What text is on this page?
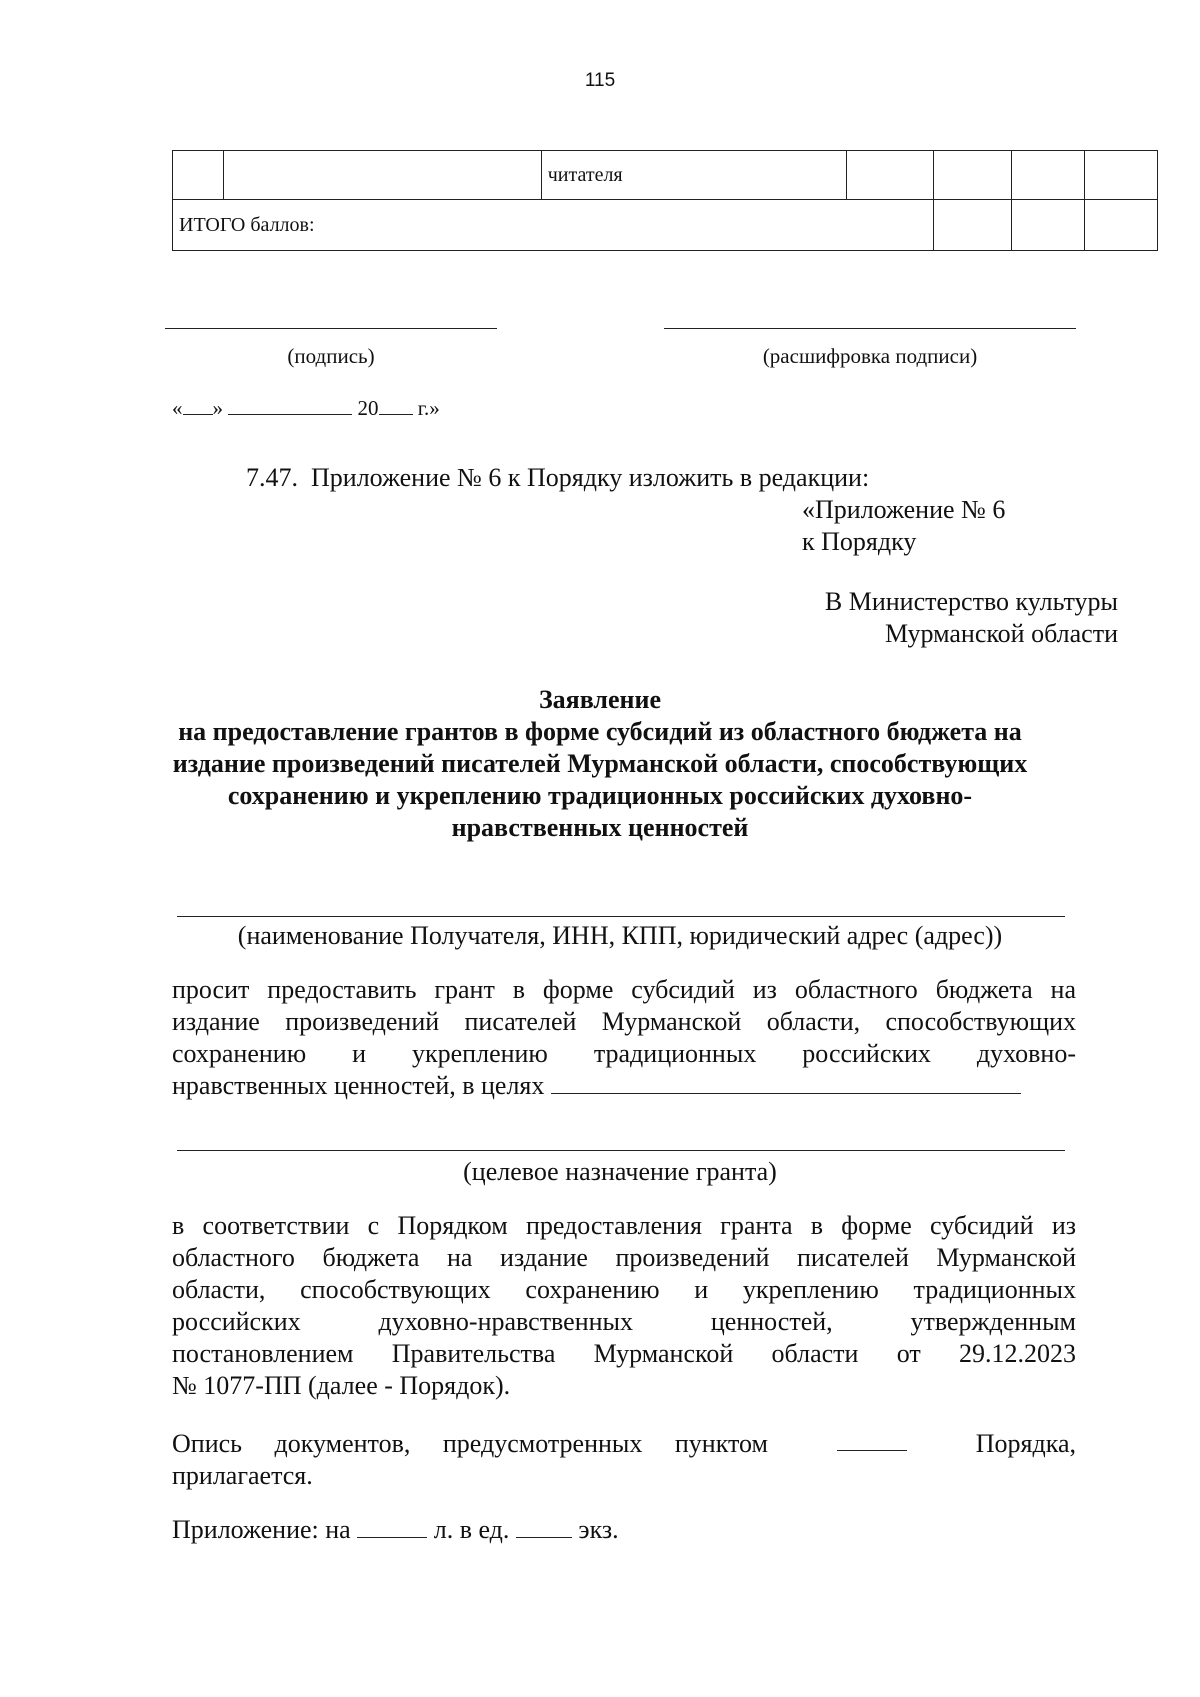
115
		читателя				
ИТОГО баллов:						
(подпись)	(расшифровка подписи)
« »	20 г.»
7.47.  Приложение № 6 к Порядку изложить в редакции:
«Приложение № 6
к Порядку
В Министерство культуры
Мурманской области
Заявление
на предоставление грантов в форме субсидий из областного бюджета на
издание произведений писателей Мурманской области, способствующих
сохранению и укреплению традиционных российских духовно-
нравственных ценностей
(наименование Получателя, ИНН, КПП, юридический адрес (адрес))
просит предоставить грант в форме субсидий из областного бюджета на
издание произведений писателей Мурманской области, способствующих
сохранению и укреплению традиционных российских духовно-
нравственных ценностей, в целях
(целевое назначение гранта)
в соответствии с Порядком предоставления гранта в форме субсидий из
областного бюджета на издание произведений писателей Мурманской
области, способствующих сохранению и укреплению традиционных
российских духовно-нравственных ценностей, утвержденным
постановлением Правительства Мурманской области от 29.12.2023
№ 1077-ПП (далее - Порядок).
Опись документов, предусмотренных пунктом	Порядка,
прилагается.
Приложение: на	л. в ед.	экз.
